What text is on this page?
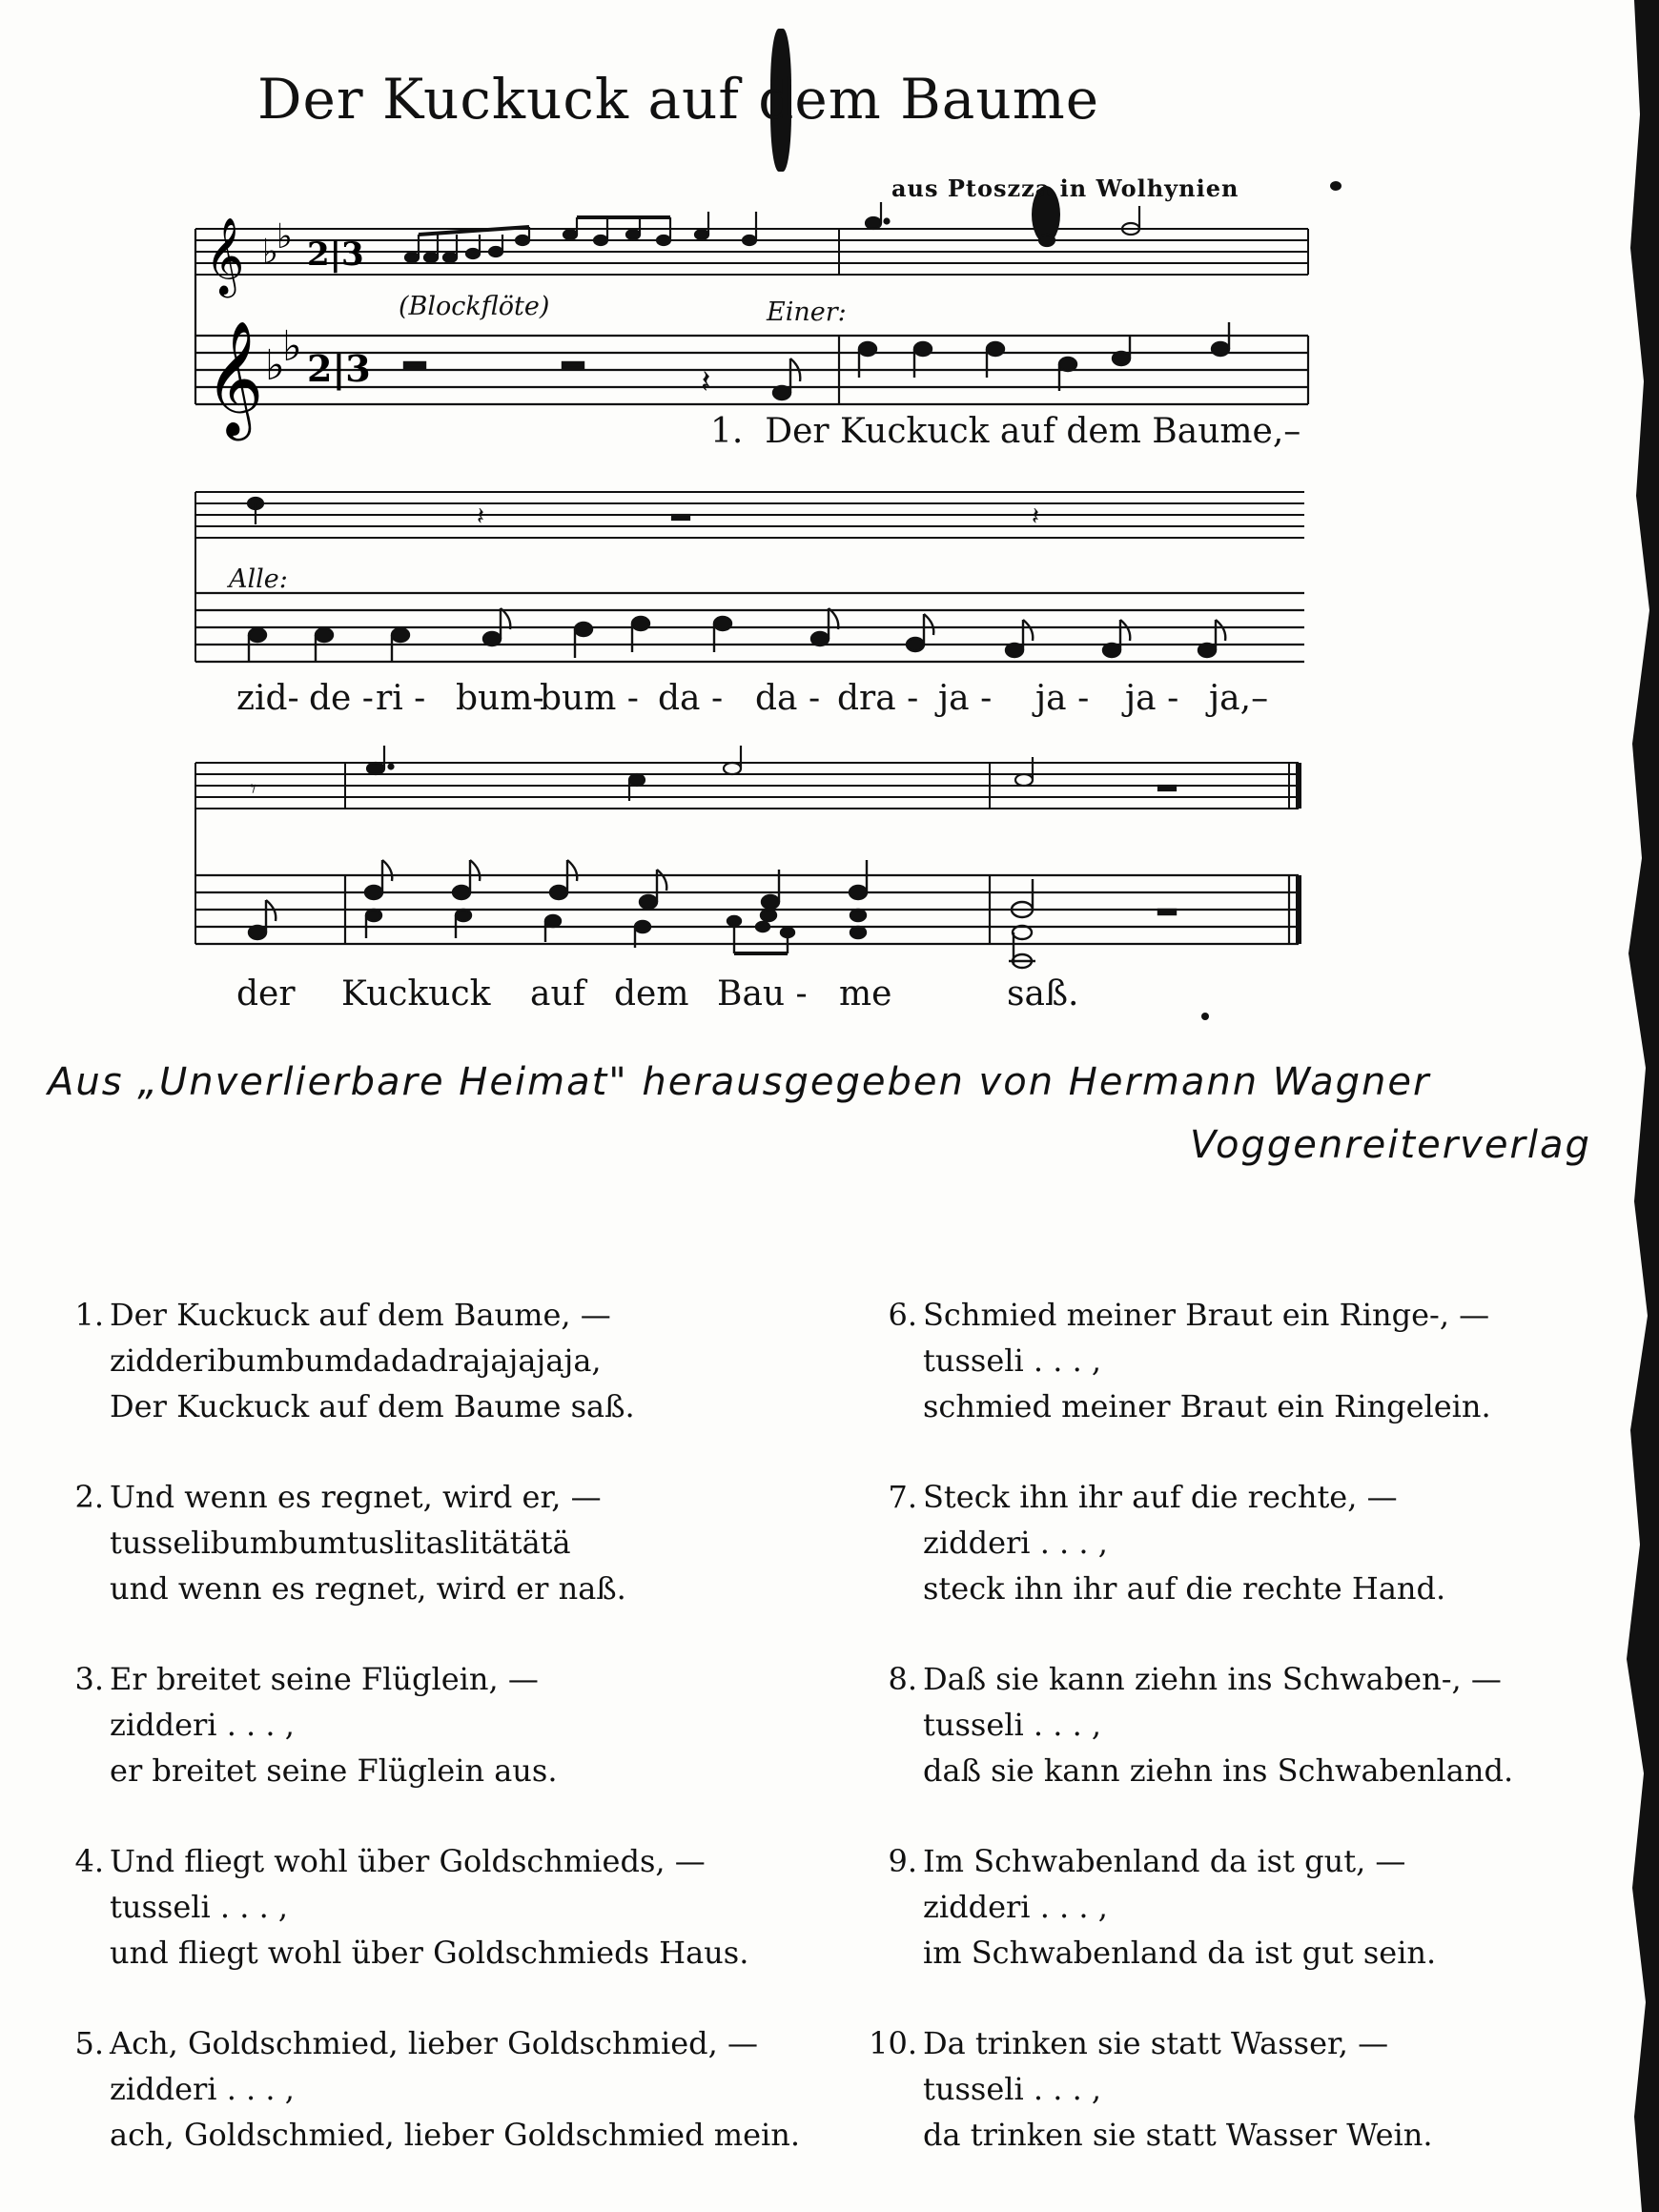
Der Kuckuck auf dem Baume
aus Ptoszza in Wolhynien
𝄞
𝄞
♭
♭
♭
♭
2|3
2|3	𝄽
𝄽	𝄽
𝄾
(Blockflöte)	Einer:
Alle:
1.  Der Kuckuck auf dem Baume,–
zid- de - ri - bum-
bum - da - da - dra - ja - ja - ja - ja,–
der Kuckuck auf dem Bau - me	saß.
Aus „Unverlierbare Heimat" herausgegeben von Hermann Wagner
Voggenreiterverlag
1. Der Kuckuck auf dem Baume, —
zidderibumbumdadadrajajajaja,
Der Kuckuck auf dem Baume saß.
2. Und wenn es regnet, wird er, —
tusselibumbumtuslitaslitätätä
und wenn es regnet, wird er naß.
3. Er breitet seine Flüglein, —
zidderi . . . ,
er breitet seine Flüglein aus.
4. Und fliegt wohl über Goldschmieds, —
tusseli . . . ,
und fliegt wohl über Goldschmieds Haus.
5. Ach, Goldschmied, lieber Goldschmied, —
zidderi . . . ,
ach, Goldschmied, lieber Goldschmied mein.
6. Schmied meiner Braut ein Ringe-, —
tusseli . . . ,
schmied meiner Braut ein Ringelein.
7. Steck ihn ihr auf die rechte, —
zidderi . . . ,
steck ihn ihr auf die rechte Hand.
8. Daß sie kann ziehn ins Schwaben-, —
tusseli . . . ,
daß sie kann ziehn ins Schwabenland.
9. Im Schwabenland da ist gut, —
zidderi . . . ,
im Schwabenland da ist gut sein.
10. Da trinken sie statt Wasser, —
tusseli . . . ,
da trinken sie statt Wasser Wein.
